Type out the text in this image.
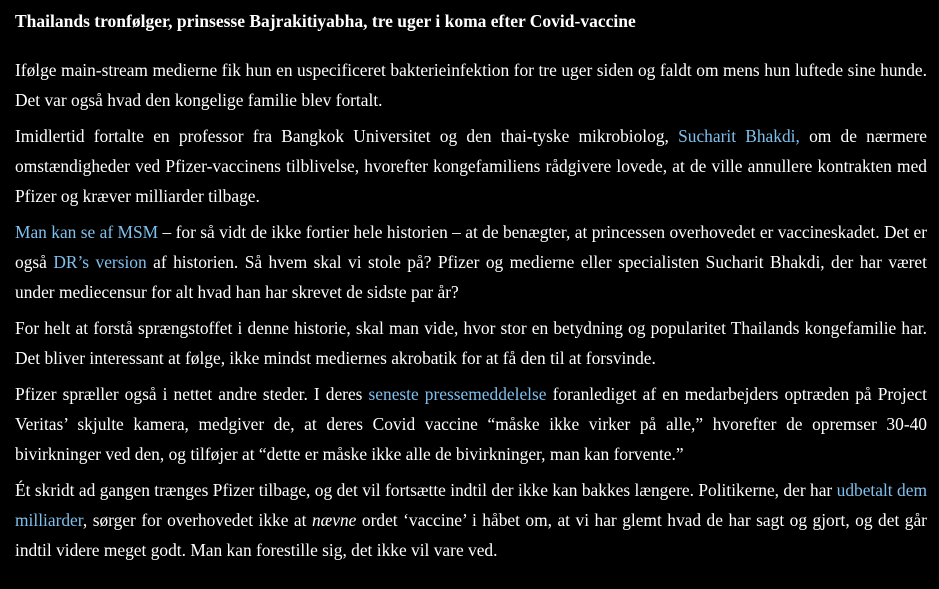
Thailands tronfølger, prinsesse Bajrakitiyabha, tre uger i koma efter Covid-vaccine

Ifølge main-stream medierne fik hun en uspecificeret bakterieinfektion for tre uger siden og faldt om mens hun luftede sine hunde. Det var også hvad den kongelige familie blev fortalt.

Imidlertid fortalte en professor fra Bangkok Universitet og den thai-tyske mikrobiolog, Sucharit Bhakdi, om de nærmere omstændigheder ved Pfizer-vaccinens tilblivelse, hvorefter kongefamiliens rådgivere lovede, at de ville annullere kontrakten med Pfizer og kræver milliarder tilbage.

Man kan se af MSM – for så vidt de ikke fortier hele historien – at de benægter, at princessen overhovedet er vaccineskadet. Det er også DR’s version af historien. Så hvem skal vi stole på? Pfizer og medierne eller specialisten Sucharit Bhakdi, der har været under mediecensur for alt hvad han har skrevet de sidste par år?

For helt at forstå sprængstoffet i denne historie, skal man vide, hvor stor en betydning og popularitet Thailands kongefamilie har. Det bliver interessant at følge, ikke mindst mediernes akrobatik for at få den til at forsvinde.

Pfizer spræller også i nettet andre steder. I deres seneste pressemeddelelse foranlediget af en medarbejders optræden på Project Veritas’ skjulte kamera, medgiver de, at deres Covid vaccine “måske ikke virker på alle,” hvorefter de opremser 30-40 bivirkninger ved den, og tilføjer at “dette er måske ikke alle de bivirkninger, man kan forvente.”

Ét skridt ad gangen trænges Pfizer tilbage, og det vil fortsætte indtil der ikke kan bakkes længere. Politikerne, der har udbetalt dem milliarder, sørger for overhovedet ikke at nævne ordet ‘vaccine’ i håbet om, at vi har glemt hvad de har sagt og gjort, og det går indtil videre meget godt. Man kan forestille sig, det ikke vil vare ved.
